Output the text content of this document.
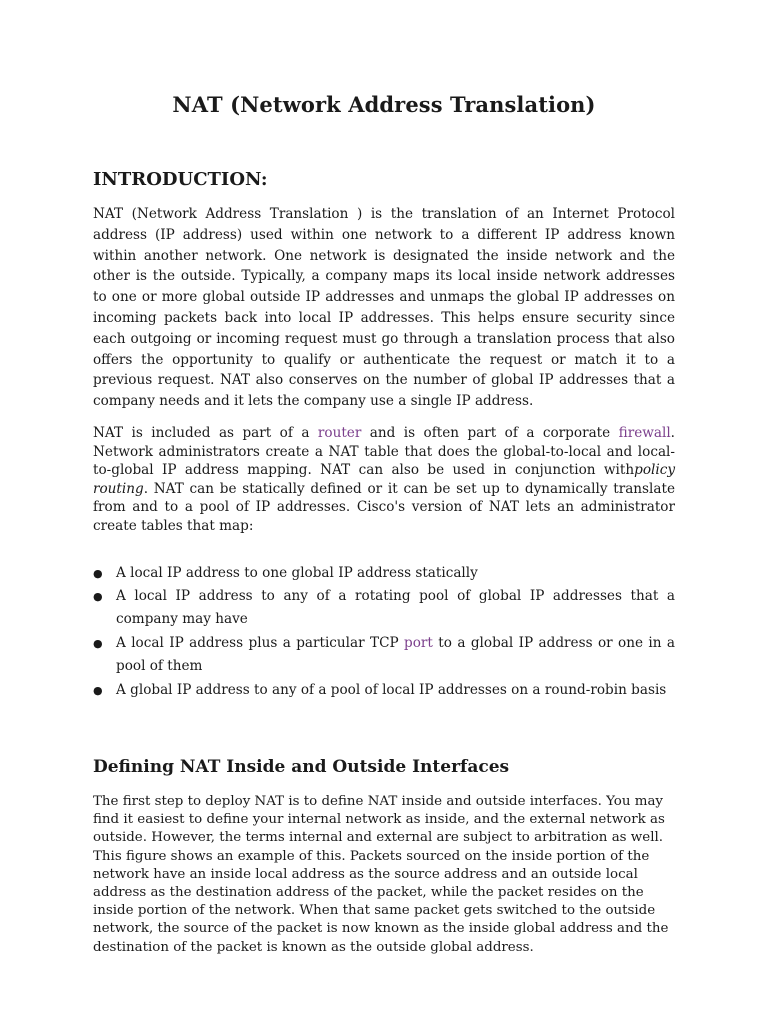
NAT (Network Address Translation)
INTRODUCTION:

NAT (Network Address Translation ) is the translation of an Internet Protocol address (IP address) used within one network to a different IP address known within another network. One network is designated the inside network and the other is the outside. Typically, a company maps its local inside network addresses to one or more global outside IP addresses and unmaps the global IP addresses on incoming packets back into local IP addresses. This helps ensure security since each outgoing or incoming request must go through a translation process that also offers the opportunity to qualify or authenticate the request or match it to a previous request. NAT also conserves on the number of global IP addresses that a company needs and it lets the company use a single IP address.

NAT is included as part of a router and is often part of a corporate firewall. Network administrators create a NAT table that does the global-to-local and local-to-global IP address mapping. NAT can also be used in conjunction withpolicy routing. NAT can be statically defined or it can be set up to dynamically translate from and to a pool of IP addresses. Cisco's version of NAT lets an administrator create tables that map:

● A local IP address to one global IP address statically
● A local IP address to any of a rotating pool of global IP addresses that a company may have
● A local IP address plus a particular TCP port to a global IP address or one in a pool of them
● A global IP address to any of a pool of local IP addresses on a round-robin basis
Defining NAT Inside and Outside Interfaces

The first step to deploy NAT is to define NAT inside and outside interfaces. You may find it easiest to define your internal network as inside, and the external network as outside. However, the terms internal and external are subject to arbitration as well. This figure shows an example of this. Packets sourced on the inside portion of the network have an inside local address as the source address and an outside local address as the destination address of the packet, while the packet resides on the inside portion of the network. When that same packet gets switched to the outside network, the source of the packet is now known as the inside global address and the destination of the packet is known as the outside global address.
